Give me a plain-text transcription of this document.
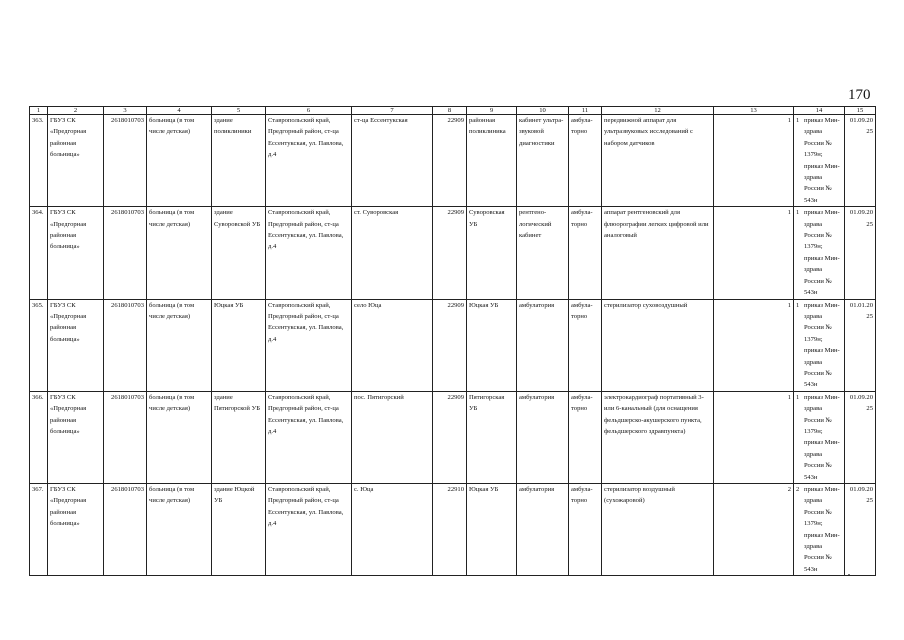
170
1	2	3	4	5	6	7	8	9	10	11	12	13	14	15
363.	ГБУЗ СК «Предгорная районная больница»	2618010703	больница (в том числе детская)	здание поликлиники	Ставропольский край, Предгорный район, ст-ца Ессентукская, ул. Павлова, д.4	ст-ца Ессентукская	22909	районная поликлиника	кабинет ультра-звуковой диагностики	амбула-торно	передвижной аппарат для ультразвуковых исследований с набором датчиков	1	1 приказ Мин-здрава России № 1379н; приказ Мин-здрава России № 543н	01.09.2025
364.	ГБУЗ СК «Предгорная районная больница»	2618010703	больница (в том числе детская)	здание Суворовской УБ	Ставропольский край, Предгорный район, ст-ца Ессентукская, ул. Павлова, д.4	ст. Суворовская	22909	Суворовская УБ	рентгено-логический кабинет	амбула-торно	аппарат рентгеновский для флюорографии легких цифровой или аналоговый	1	1 приказ Мин-здрава России № 1379н; приказ Мин-здрава России № 543н	01.09.2025
365.	ГБУЗ СК «Предгорная районная больница»	2618010703	больница (в том числе детская)	Юцкая УБ	Ставропольский край, Предгорный район, ст-ца Ессентукская, ул. Павлова, д.4	село Юца	22909	Юцкая УБ	амбулатория	амбула-торно	стерилизатор суховоздушный	1	1 приказ Мин-здрава России № 1379н; приказ Мин-здрава России № 543н	01.01.2025
366.	ГБУЗ СК «Предгорная районная больница»	2618010703	больница (в том числе детская)	здание Пятигорской УБ	Ставропольский край, Предгорный район, ст-ца Ессентукская, ул. Павлова, д.4	пос. Пятигорский	22909	Пятигорская УБ	амбулатория	амбула-торно	электрокардиограф портативный 3- или 6-канальный (для оснащения фельдшерско-акушерского пункта, фельдшерского здравпункта)	1	1 приказ Мин-здрава России № 1379н; приказ Мин-здрава России № 543н	01.09.2025
367.	ГБУЗ СК «Предгорная районная больница»	2618010703	больница (в том числе детская)	здание Юцкой УБ	Ставропольский край, Предгорный район, ст-ца Ессентукская, ул. Павлова, д.4	с. Юца	22910	Юцкая УБ	амбулатория	амбула-торно	стерилизатор воздушный (сухожаровой)	2	2 приказ Мин-здрава России № 1379н; приказ Мин-здрава России № 543н	01.09.2025
